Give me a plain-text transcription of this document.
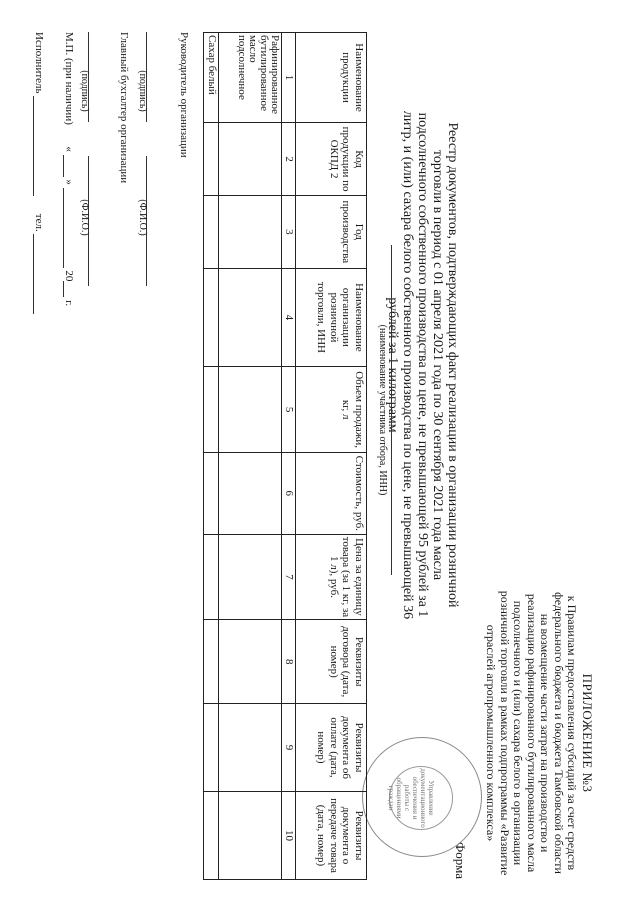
ПРИЛОЖЕНИЕ №3
к Правилам предоставления субсидий за счет средств федерального бюджета и бюджета Тамбовской области на возмещение части затрат на производство и реализацию рафинированного бутилированного масла подсолнечного и (или) сахара белого в организации розничной торговли в рамках подпрограммы «Развитие отраслей агропромышленного комплекса»
Форма
Управление документационного обеспечения и работы с обращениями граждан
Реестр документов, подтверждающих факт реализации в организации розничной торговли в период с 01 апреля 2021 года по 30 сентября 2021 года масла подсолнечного собственного производства по цене, не превышающей 95 рублей за 1 литр, и (или) сахара белого собственного производства по цене, не превышающей 36 рублей за 1 килограмм
(наименование участника отбора, ИНН)
Наименование продукции	Код продукции по ОКПД 2	Год производства	Наименование организации розничной торговли, ИНН	Объем продажи, кг, л	Стоимость, руб.	Цена за единицу товара (за 1 кг, за 1 л), руб.	Реквизиты договора (дата, номер)	Реквизиты документа об оплате (дата, номер)	Реквизиты документа о передаче товара (дата, номер)
1	2	3	4	5	6	7	8	9	10
Рафинированное бутилированное масло подсолнечное									
Сахар белый									
Руководитель организации

(подпись) (Ф.И.О.)
Главный бухгалтер организации

(подпись) (Ф.И.О.)
М.П. (при наличии)  «  »  20 г.
Исполнитель   тел.
